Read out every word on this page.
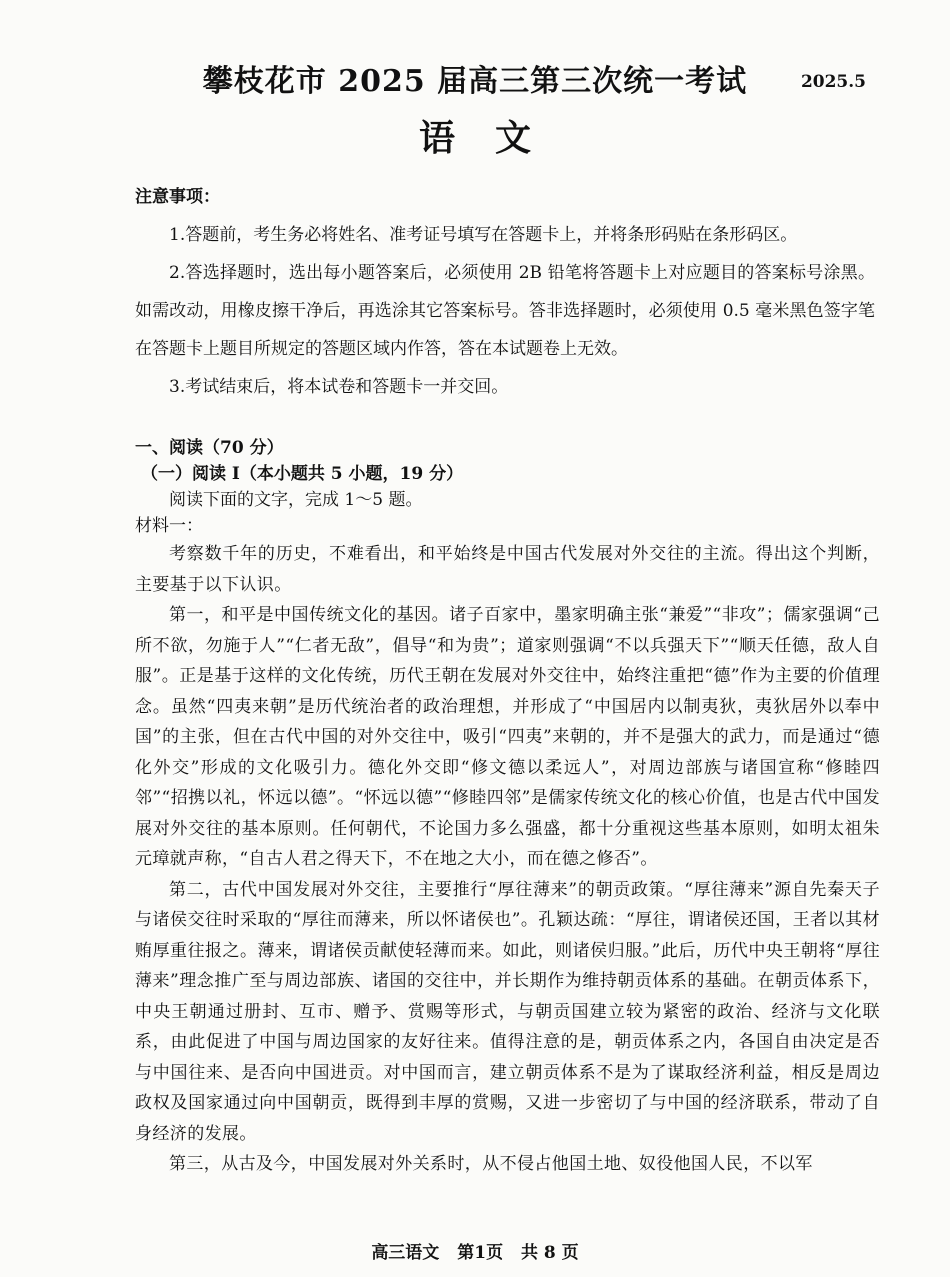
攀枝花市 2025 届高三第三次统一考试	2025.5
语文
注意事项：

1.答题前，考生务必将姓名、准考证号填写在答题卡上，并将条形码贴在条形码区。

2.答选择题时，选出每小题答案后，必须使用 2B 铅笔将答题卡上对应题目的答案标号涂黑。如需改动，用橡皮擦干净后，再选涂其它答案标号。答非选择题时，必须使用 0.5 毫米黑色签字笔在答题卡上题目所规定的答题区域内作答，答在本试题卷上无效。

3.考试结束后，将本试卷和答题卡一并交回。

一、阅读（70 分）
（一）阅读 I（本小题共 5 小题，19 分）
阅读下面的文字，完成 1～5 题。
材料一：

考察数千年的历史，不难看出，和平始终是中国古代发展对外交往的主流。得出这个判断，主要基于以下认识。

第一，和平是中国传统文化的基因。诸子百家中，墨家明确主张“兼爱”“非攻”；儒家强调“己所不欲，勿施于人”“仁者无敌”，倡导“和为贵”；道家则强调“不以兵强天下”“顺天任德，敌人自服”。正是基于这样的文化传统，历代王朝在发展对外交往中，始终注重把“德”作为主要的价值理念。虽然“四夷来朝”是历代统治者的政治理想，并形成了“中国居内以制夷狄，夷狄居外以奉中国”的主张，但在古代中国的对外交往中，吸引“四夷”来朝的，并不是强大的武力，而是通过“德化外交”形成的文化吸引力。德化外交即“修文德以柔远人”，对周边部族与诸国宣称“修睦四邻”“招携以礼，怀远以德”。“怀远以德”“修睦四邻”是儒家传统文化的核心价值，也是古代中国发展对外交往的基本原则。任何朝代，不论国力多么强盛，都十分重视这些基本原则，如明太祖朱元璋就声称，“自古人君之得天下，不在地之大小，而在德之修否”。

第二，古代中国发展对外交往，主要推行“厚往薄来”的朝贡政策。“厚往薄来”源自先秦天子与诸侯交往时采取的“厚往而薄来，所以怀诸侯也”。孔颖达疏：“厚往，谓诸侯还国，王者以其材贿厚重往报之。薄来，谓诸侯贡献使轻薄而来。如此，则诸侯归服。”此后，历代中央王朝将“厚往薄来”理念推广至与周边部族、诸国的交往中，并长期作为维持朝贡体系的基础。在朝贡体系下，中央王朝通过册封、互市、赠予、赏赐等形式，与朝贡国建立较为紧密的政治、经济与文化联系，由此促进了中国与周边国家的友好往来。值得注意的是，朝贡体系之内，各国自由决定是否与中国往来、是否向中国进贡。对中国而言，建立朝贡体系不是为了谋取经济利益，相反是周边政权及国家通过向中国朝贡，既得到丰厚的赏赐，又进一步密切了与中国的经济联系，带动了自身经济的发展。

第三，从古及今，中国发展对外关系时，从不侵占他国土地、奴役他国人民，不以军

高三语文 第1页 共 8 页
